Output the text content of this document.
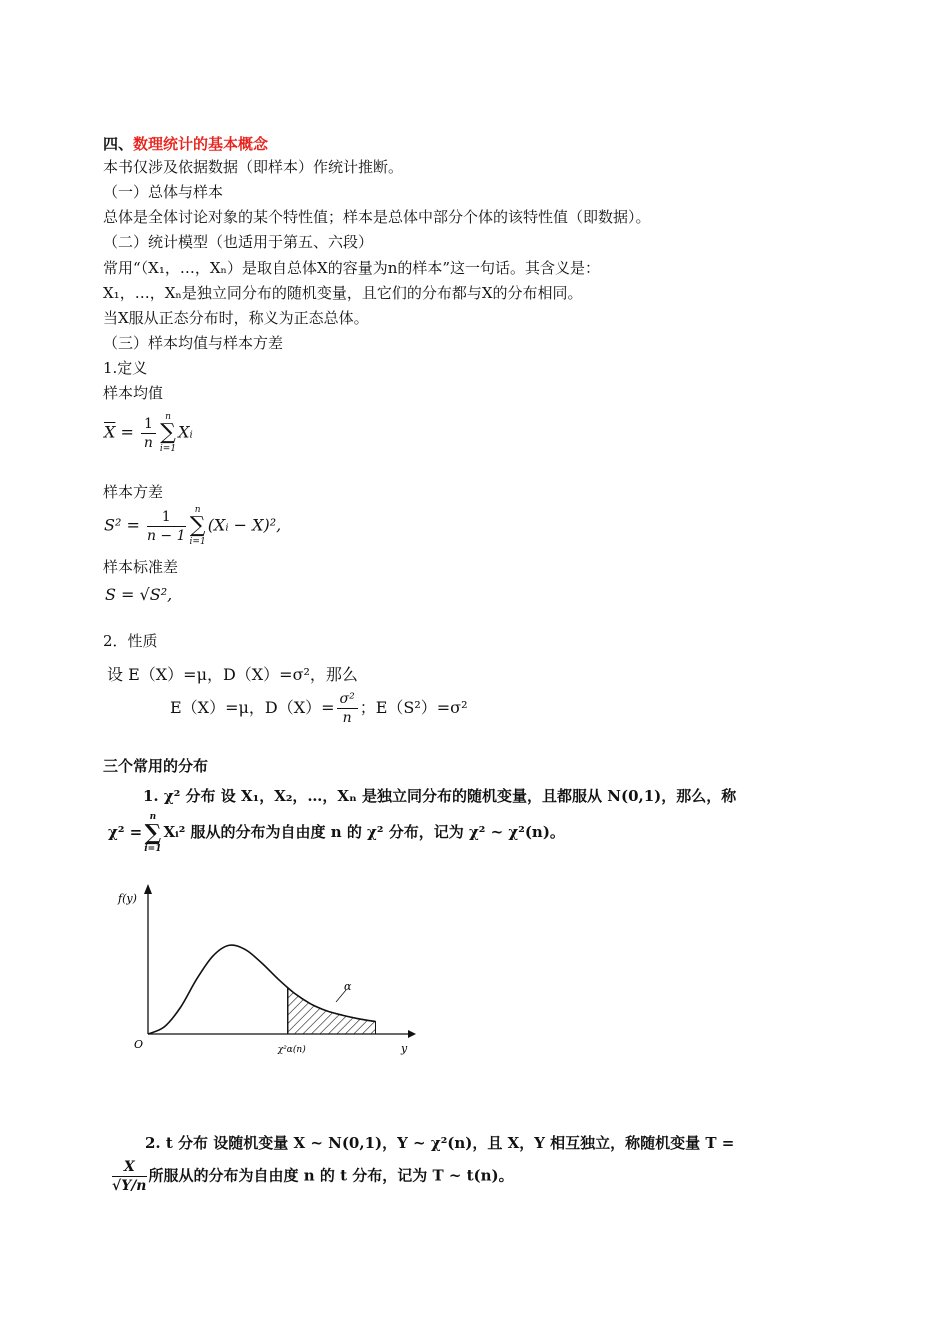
四、数理统计的基本概念
本书仅涉及依据数据（即样本）作统计推断。
（一）总体与样本
总体是全体讨论对象的某个特性值；样本是总体中部分个体的该特性值（即数据）。
（二）统计模型（也适用于第五、六段）
常用“（X₁，…，Xₙ）是取自总体X的容量为n的样本”这一句话。其含义是：
X₁，…，Xₙ是独立同分布的随机变量，且它们的分布都与X的分布相同。
当X服从正态分布时，称义为正态总体。
（三）样本均值与样本方差
1.定义
样本均值
$\overline{X} = \frac{1}{n}$	n
∑
i=1
Xᵢ
样本方差
$S^2 = \frac{1}{n - 1}$	n
∑
i=1
(Xᵢ − X)²,
样本标准差
S = √S²,
2．性质
设 E（X）=μ，D（X）=σ²，那么
E（X）=μ，$D(X)= \frac{\text{σ²}}{n}$ ；E（S²）=σ²
三个常用的分布
1. χ² 分布 设 X₁，X₂，…，Xₙ 是独立同分布的随机变量，且都服从 N(0,1)，那么，称
χ² =
n
∑
i=1
Xᵢ² 服从的分布为自由度 n 的 χ² 分布，记为 χ² ~ χ²(n)。
f(y)
y
O
α
χ²α(n)
2. t 分布 设随机变量 X ~ N(0,1)，Y ~ χ²(n)，且 X，Y 相互独立，称随机变量 T =
$\frac{X}{√Y/n}$ 所服从的分布为自由度 n 的 t 分布，记为 T ~ t(n)。
